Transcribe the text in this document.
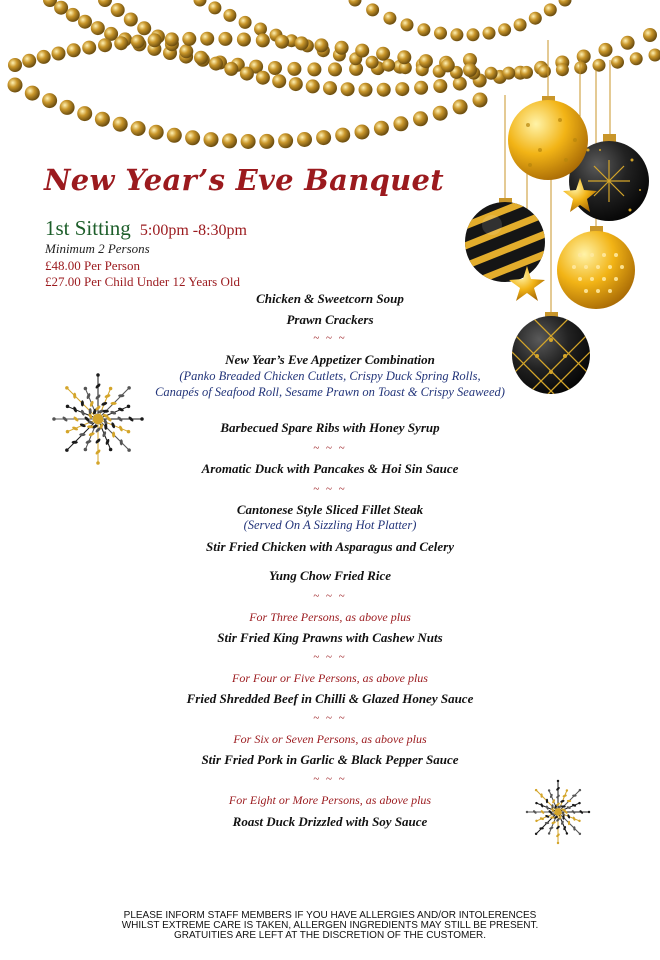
New Year’s Eve Banquet
1st Sitting 5:00pm -8:30pm
Minimum 2 Persons
£48.00 Per Person
£27.00 Per Child Under 12 Years Old
Chicken & Sweetcorn Soup
Prawn Crackers
~ ~ ~
New Year’s Eve Appetizer Combination
(Panko Breaded Chicken Cutlets, Crispy Duck Spring Rolls,
Canapés of Seafood Roll, Sesame Prawn on Toast & Crispy Seaweed)
Barbecued Spare Ribs with Honey Syrup
~ ~ ~
Aromatic Duck with Pancakes & Hoi Sin Sauce
~ ~ ~
Cantonese Style Sliced Fillet Steak
(Served On A Sizzling Hot Platter)
Stir Fried Chicken with Asparagus and Celery
Yung Chow Fried Rice
~ ~ ~
For Three Persons, as above plus
Stir Fried King Prawns with Cashew Nuts
~ ~ ~
For Four or Five Persons, as above plus
Fried Shredded Beef in Chilli & Glazed Honey Sauce
~ ~ ~
For Six or Seven Persons, as above plus
Stir Fried Pork in Garlic & Black Pepper Sauce
~ ~ ~
For Eight or More Persons, as above plus
Roast Duck Drizzled with Soy Sauce
PLEASE INFORM STAFF MEMBERS IF YOU HAVE ALLERGIES AND/OR INTOLERENCES
WHILST EXTREME CARE IS TAKEN, ALLERGEN INGREDIENTS MAY STILL BE PRESENT.
GRATUITIES ARE LEFT AT THE DISCRETION OF THE CUSTOMER.
